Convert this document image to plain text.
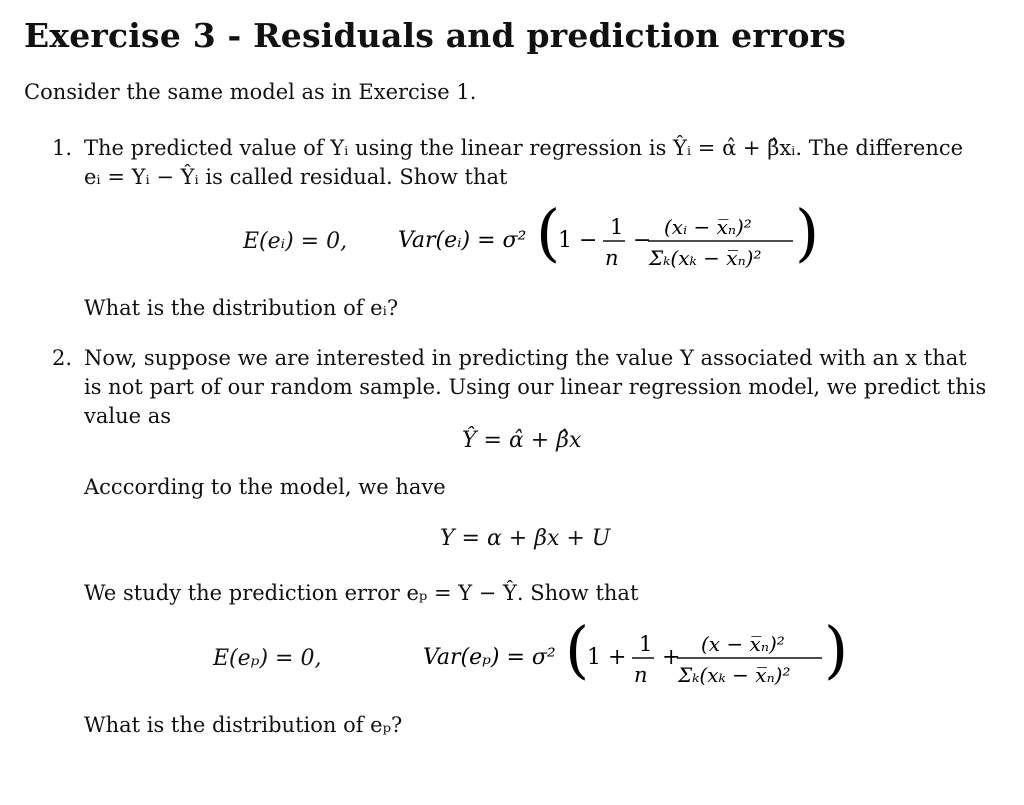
Exercise 3 - Residuals and prediction errors
Consider the same model as in Exercise 1.
1. The predicted value of Yᵢ using the linear regression is Ŷᵢ = α̂ + β̂xᵢ. The difference
eᵢ = Yᵢ − Ŷᵢ is called residual. Show that
E(eᵢ) = 0, Var(eᵢ) = σ² (
1 −
1
n
−
(xᵢ − x̅ₙ)²
Σₖ(xₖ − x̅ₙ)² )
What is the distribution of eᵢ?
2. Now, suppose we are interested in predicting the value Y associated with an x that
is not part of our random sample. Using our linear regression model, we predict this
value as
Ŷ = α̂ + β̂x
Acccording to the model, we have
Y = α + βx + U
We study the prediction error eₚ = Y − Ŷ. Show that
E(eₚ) = 0,	Var(eₚ) = σ² (
1 +
1
n
+
(x − x̅ₙ)²
Σₖ(xₖ − x̅ₙ)² )
What is the distribution of eₚ?
